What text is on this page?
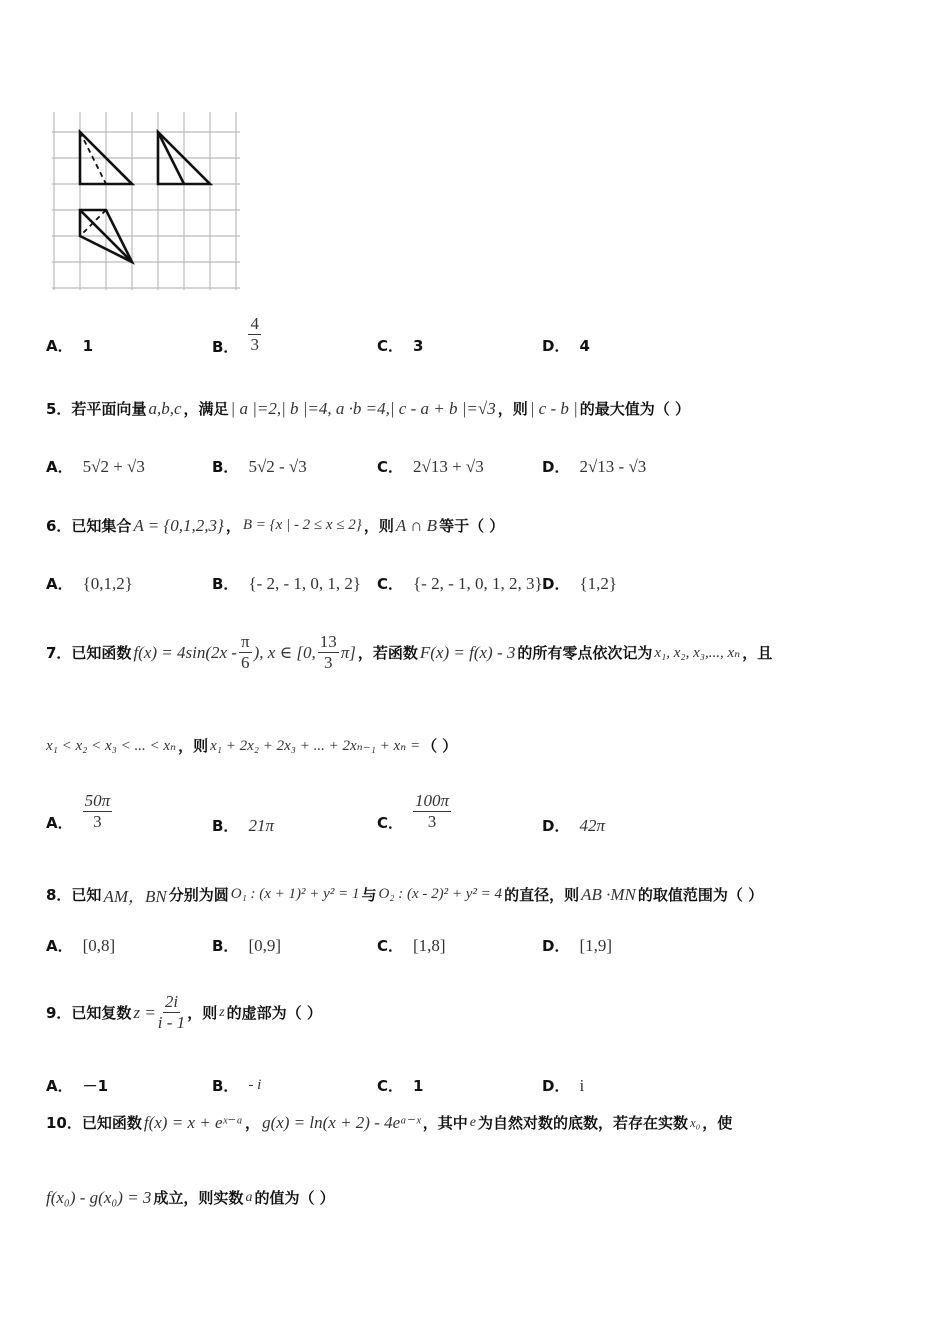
A． 1	B． $\frac{4}{3}$	C． 3	D． 4
5．若平面向量 a,b,c ，满足 | a |=2,| b |=4, a ·b =4,| c - a + b |=√3 ，则 | c - b | 的最大值为（ ）
A． 5√2 + √3	B． 5√2 - √3	C． 2√13 + √3	D． 2√13 - √3
6．已知集合 A = {0,1,2,3} ， B = {x | - 2 ≤ x ≤ 2} ，则 A ∩ B 等于（ ）
A． {0,1,2}	B． {- 2, - 1, 0, 1, 2} C． {- 2, - 1, 0, 1, 2, 3} D． {1,2}
7．已知函数 $f(x) = 4\sin(2x - \frac{\pi}{6}$ ), x ∈ [0, $\frac{13}{3} \pi$] ，若函数 F(x) = f(x) - 3 的所有零点依次记为 x₁, x₂, x₃,..., xₙ ，且
x₁ < x₂ < x₃ < ... < xₙ ，则 x₁ + 2x₂ + 2x₃ + ... + 2xₙ₋₁ + xₙ = （ ）
A． $\frac{50\pi}{3}$	B． 21π	C． $\frac{100\pi}{3}$	D． 42π
8．已知 AM，BN 分别为圆 O₁ : (x + 1)² + y² = 1 与 O₂ : (x - 2)² + y² = 4 的直径，则 AB ·MN 的取值范围为（ ）
A． [0,8]	B． [0,9]	C． [1,8]	D． [1,9]
9．已知复数 $z = \frac{2i}{i - 1}$ ，则 z 的虚部为（ ）
A． －1	B． - i	C． 1	D． i
10．已知函数 f(x) = x + eˣ⁻ᵃ ， g(x) = ln(x + 2) - 4eᵃ⁻ˣ ，其中 e 为自然对数的底数，若存在实数 x₀ ，使
f(x₀) - g(x₀) = 3 成立，则实数 a 的值为（ ）
